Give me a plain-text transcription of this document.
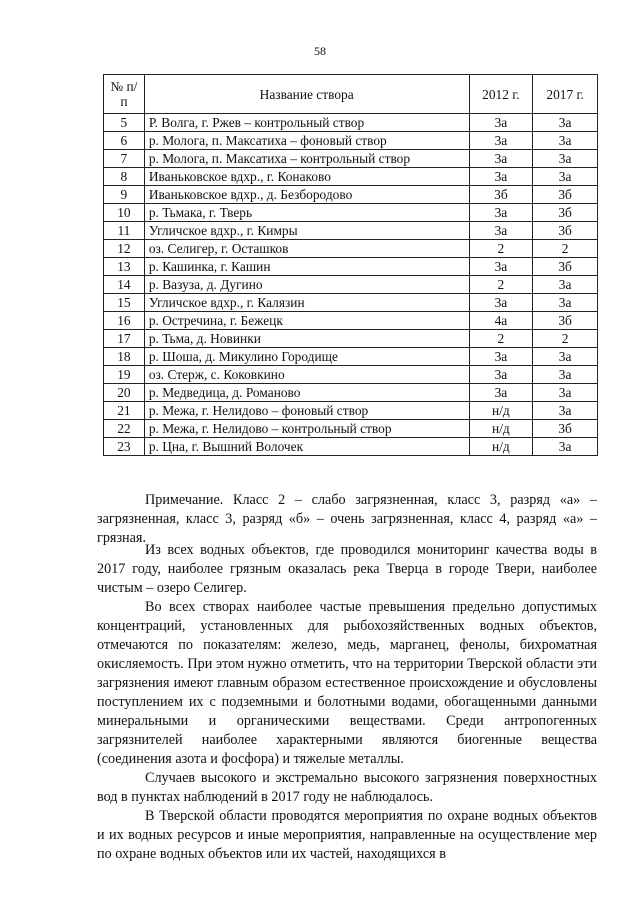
58
№ п/п	Название створа	2012 г.	2017 г.
5	Р. Волга, г. Ржев – контрольный створ	3а	3а
6	р. Молога, п. Максатиха – фоновый створ	3а	3а
7	р. Молога, п. Максатиха – контрольный створ	3а	3а
8	Иваньковское вдхр., г. Конаково	3а	3а
9	Иваньковское вдхр., д. Безбородово	3б	3б
10	р. Тьмака, г. Тверь	3а	3б
11	Угличское вдхр., г. Кимры	3а	3б
12	оз. Селигер, г. Осташков	2	2
13	р. Кашинка, г. Кашин	3а	3б
14	р. Вазуза, д. Дугино	2	3а
15	Угличское вдхр., г. Калязин	3а	3а
16	р. Остречина, г. Бежецк	4а	3б
17	р. Тьма, д. Новинки	2	2
18	р. Шоша, д. Микулино Городище	3а	3а
19	оз. Стерж, с. Коковкино	3а	3а
20	р. Медведица, д. Романово	3а	3а
21	р. Межа, г. Нелидово – фоновый створ	н/д	3а
22	р. Межа, г. Нелидово – контрольный створ	н/д	3б
23	р. Цна, г. Вышний Волочек	н/д	3а

Примечание. Класс 2 – слабо загрязненная, класс 3, разряд «а» – загрязненная, класс 3, разряд «б» – очень загрязненная, класс 4, разряд «а» – грязная.

Из всех водных объектов, где проводился мониторинг качества воды в 2017 году, наиболее грязным оказалась река Тверца в городе Твери, наиболее чистым – озеро Селигер.

Во всех створах наиболее частые превышения предельно допустимых концентраций, установленных для рыбохозяйственных водных объектов, отмечаются по показателям: железо, медь, марганец, фенолы, бихроматная окисляемость. При этом нужно отметить, что на территории Тверской области эти загрязнения имеют главным образом естественное происхождение и обусловлены поступлением их с подземными и болотными водами, обогащенными данными минеральными и органическими веществами. Среди антропогенных загрязнителей наиболее характерными являются биогенные вещества (соединения азота и фосфора) и тяжелые металлы.

Случаев высокого и экстремально высокого загрязнения поверхностных вод в пунктах наблюдений в 2017 году не наблюдалось.

В Тверской области проводятся мероприятия по охране водных объектов и их водных ресурсов и иные мероприятия, направленные на осуществление мер по охране водных объектов или их частей, находящихся в
